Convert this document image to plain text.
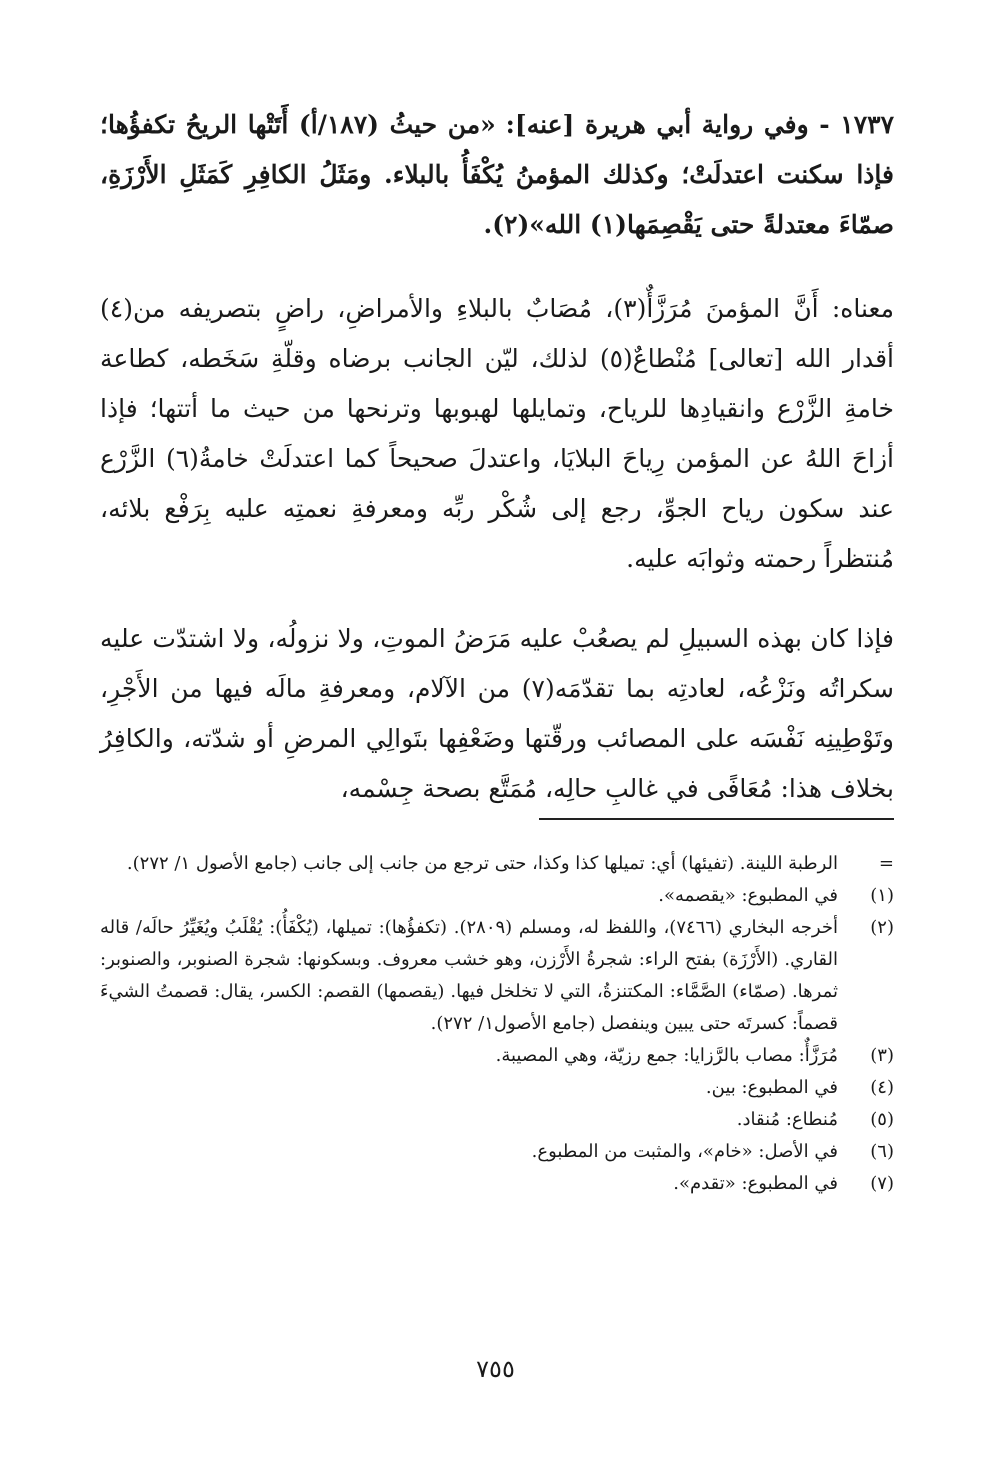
١٧٣٧ - وفي رواية أبي هريرة [عنه]: «من حيثُ (١٨٧/أ) أَتَتْها الريحُ تكفؤُها؛ فإذا سكنت اعتدلَتْ؛ وكذلك المؤمنُ يُكْفَأُ بالبلاء. ومَثَلُ الكافِرِ كَمَثَلِ الأَرْزَةِ، صمّاءَ معتدلةً حتى يَقْصِمَها(١) الله»(٢).

معناه: أَنَّ المؤمنَ مُرَزَّأٌ(٣)، مُصَابٌ بالبلاءِ والأمراضِ، راضٍ بتصريفه من(٤) أقدار الله [تعالى] مُنْطاعٌ(٥) لذلك، ليّن الجانب برضاه وقلّةِ سَخَطه، كطاعة خامةِ الزَّرْع وانقيادِها للرياح، وتمايلها لهبوبها وترنحها من حيث ما أتتها؛ فإذا أزاحَ اللهُ عن المؤمن رِياحَ البلايَا، واعتدلَ صحيحاً كما اعتدلَتْ خامةُ(٦) الزَّرْع عند سكون رياح الجوِّ، رجع إلى شُكْر ربِّه ومعرفةِ نعمتِه عليه بِرَفْع بلائه، مُنتظراً رحمته وثوابَه عليه.

فإذا كان بهذه السبيلِ لم يصعُبْ عليه مَرَضُ الموتِ، ولا نزولُه، ولا اشتدّت عليه سكراتُه ونَزْعُه، لعادتِه بما تقدّمَه(٧) من الآلام، ومعرفةِ مالَه فيها من الأَجْرِ، وتَوْطِينِه نَفْسَه على المصائب ورقّتها وضَعْفِها بتَوالِي المرضِ أو شدّته، والكافِرُ بخلاف هذا: مُعَافًى في غالبِ حالِه، مُمَتَّع بصحة جِسْمه،

=
الرطبة اللينة. (تفيئها) أي: تميلها كذا وكذا، حتى ترجع من جانب إلى جانب (جامع الأصول ١/ ٢٧٢).
(١)
في المطبوع: «يقصمه».
(٢)
أخرجه البخاري (٧٤٦٦)، واللفظ له، ومسلم (٢٨٠٩). (تكفؤُها): تميلها، (يُكْفَأُ): يُقْلَبُ ويُغَيِّرُ حالَه/ قاله القاري. (الأَرْزَة) بفتح الراء: شجرةُ الأَرْزن، وهو خشب معروف. وبسكونها: شجرة الصنوبر، والصنوبر: ثمرها. (صمّاء) الصَّمَّاء: المكتنزةُ، التي لا تخلخل فيها. (يقصمها) القصم: الكسر، يقال: قصمتُ الشيءَ قصماً: كسرتَه حتى يبين وينفصل (جامع الأصول١/ ٢٧٢).
(٣)
مُرَزَّأٌ: مصاب بالرَّزايا: جمع رزيّة، وهي المصيبة.
(٤)
في المطبوع: بين.
(٥)
مُنطاع: مُنقاد.
(٦)
في الأصل: «خام»، والمثبت من المطبوع.
(٧)
في المطبوع: «تقدم».
٧٥٥
